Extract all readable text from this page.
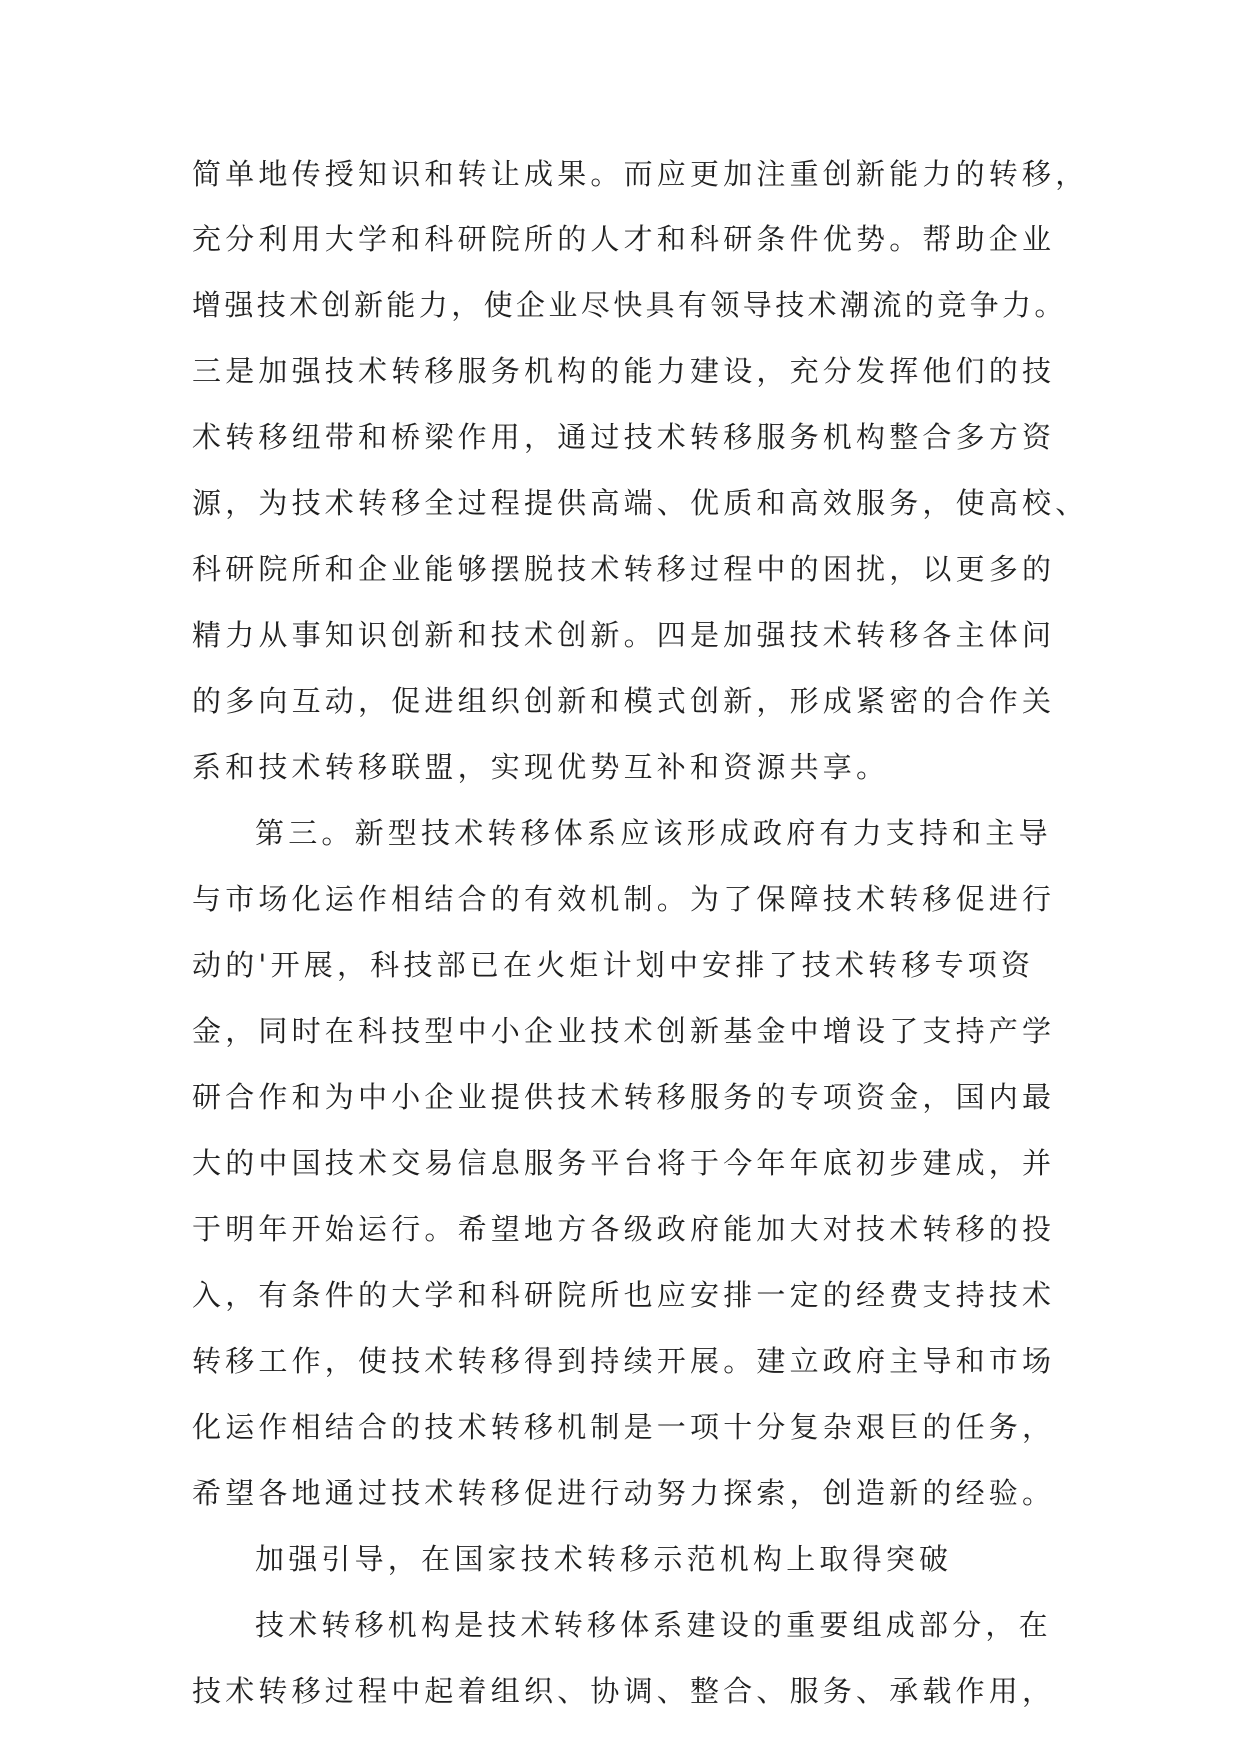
简单地传授知识和转让成果。而应更加注重创新能力的转移，
充分利用大学和科研院所的人才和科研条件优势。帮助企业
增强技术创新能力，使企业尽快具有领导技术潮流的竞争力。
三是加强技术转移服务机构的能力建设，充分发挥他们的技
术转移纽带和桥梁作用，通过技术转移服务机构整合多方资
源，为技术转移全过程提供高端、优质和高效服务，使高校、
科研院所和企业能够摆脱技术转移过程中的困扰，以更多的
精力从事知识创新和技术创新。四是加强技术转移各主体问
的多向互动，促进组织创新和模式创新，形成紧密的合作关
系和技术转移联盟，实现优势互补和资源共享。
第三。新型技术转移体系应该形成政府有力支持和主导
与市场化运作相结合的有效机制。为了保障技术转移促进行
动的'开展，科技部已在火炬计划中安排了技术转移专项资
金，同时在科技型中小企业技术创新基金中增设了支持产学
研合作和为中小企业提供技术转移服务的专项资金，国内最
大的中国技术交易信息服务平台将于今年年底初步建成，并
于明年开始运行。希望地方各级政府能加大对技术转移的投
入，有条件的大学和科研院所也应安排一定的经费支持技术
转移工作，使技术转移得到持续开展。建立政府主导和市场
化运作相结合的技术转移机制是一项十分复杂艰巨的任务，
希望各地通过技术转移促进行动努力探索，创造新的经验。
加强引导，在国家技术转移示范机构上取得突破
技术转移机构是技术转移体系建设的重要组成部分，在
技术转移过程中起着组织、协调、整合、服务、承载作用，
